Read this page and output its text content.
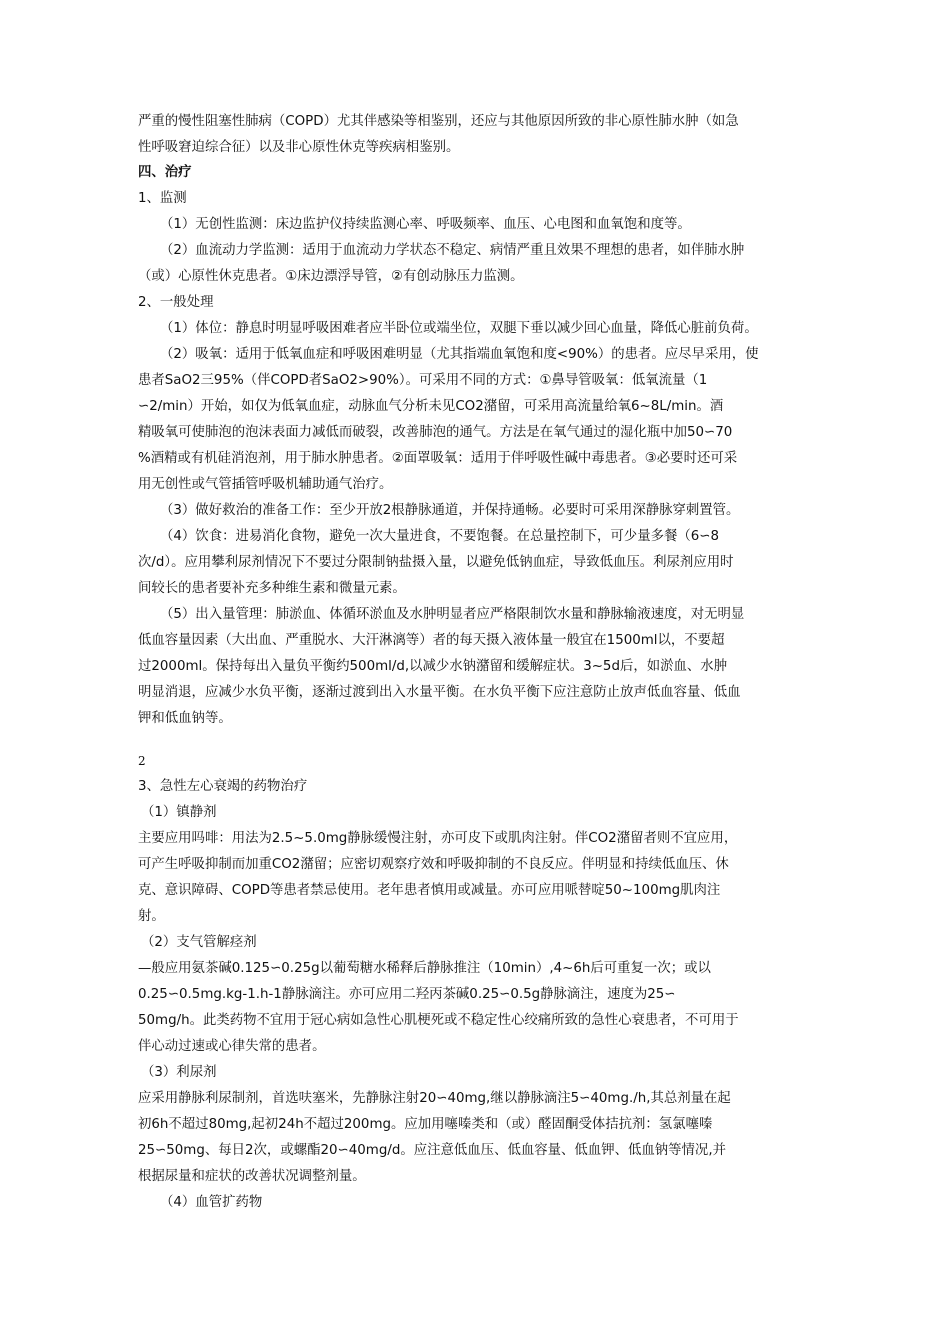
严重的慢性阻塞性肺病（COPD）尤其伴感染等相鉴别，还应与其他原因所致的非心原性肺水肿（如急
性呼吸窘迫综合征）以及非心原性休克等疾病相鉴别。
四、治疗
1、监测
（1）无创性监测：床边监护仪持续监测心率、呼吸频率、血压、心电图和血氧饱和度等。
（2）血流动力学监测：适用于血流动力学状态不稳定、病情严重且效果不理想的患者，如伴肺水肿
（或）心原性休克患者。①床边漂浮导管，②有创动脉压力监测。
2、一般处理
（1）体位：静息时明显呼吸困难者应半卧位或端坐位，双腿下垂以减少回心血量，降低心脏前负荷。
（2）吸氧：适用于低氧血症和呼吸困难明显（尤其指端血氧饱和度<90%）的患者。应尽早采用，使
患者SaO2三95%（伴COPD者SaO2>90%）。可采用不同的方式：①鼻导管吸氧：低氧流量（1
∽2/min）开始，如仅为低氧血症，动脉血气分析未见CO2潴留，可采用高流量给氧6~8L/min。酒
精吸氧可使肺泡的泡沫表面力减低而破裂，改善肺泡的通气。方法是在氧气通过的湿化瓶中加50∽70
%酒精或有机硅消泡剂，用于肺水肿患者。②面罩吸氧：适用于伴呼吸性碱中毒患者。③必要时还可采
用无创性或气管插管呼吸机辅助通气治疗。
（3）做好救治的准备工作：至少开放2根静脉通道，并保持通畅。必要时可采用深静脉穿刺置管。
（4）饮食：进易消化食物，避免一次大量进食，不要饱餐。在总量控制下，可少量多餐（6∽8
次/d）。应用攀利尿剂情况下不要过分限制钠盐摄入量，以避免低钠血症，导致低血压。利尿剂应用时
间较长的患者要补充多种维生素和微量元素。
（5）出入量管理：肺淤血、体循环淤血及水肿明显者应严格限制饮水量和静脉输液速度，对无明显
低血容量因素（大出血、严重脱水、大汗淋漓等）者的每天摄入液体量一般宜在1500ml以，不要超
过2000ml。保持每出入量负平衡约500ml/d,以减少水钠潴留和缓解症状。3~5d后，如淤血、水肿
明显消退，应减少水负平衡，逐渐过渡到出入水量平衡。在水负平衡下应注意防止放声低血容量、低血
钾和低血钠等。
2
3、急性左心衰竭的药物治疗
（1）镇静剂
主要应用吗啡：用法为2.5~5.0mg静脉缓慢注射，亦可皮下或肌肉注射。伴CO2潴留者则不宜应用，
可产生呼吸抑制而加重CO2潴留；应密切观察疗效和呼吸抑制的不良反应。伴明显和持续低血压、休
克、意识障碍、COPD等患者禁忌使用。老年患者慎用或减量。亦可应用哌替啶50~100mg肌肉注
射。
（2）支气管解痉剂
—般应用氨茶碱0.125∽0.25g以葡萄糖水稀释后静脉推注（10min）,4~6h后可重复一次；或以
0.25∽0.5mg.kg-1.h-1静脉滴注。亦可应用二羟丙茶碱0.25∽0.5g静脉滴注，速度为25∽
50mg/h。此类药物不宜用于冠心病如急性心肌梗死或不稳定性心绞痛所致的急性心衰患者，不可用于
伴心动过速或心律失常的患者。
（3）利尿剂
应采用静脉利尿制剂，首选呋塞米，先静脉注射20∽40mg,继以静脉滴注5∽40mg./h,其总剂量在起
初6h不超过80mg,起初24h不超过200mg。应加用噻嗪类和（或）醛固酮受体拮抗剂：氢氯噻嗪
25∽50mg、每日2次，或螺酯20∽40mg/d。应注意低血压、低血容量、低血钾、低血钠等情况,并
根据尿量和症状的改善状况调整剂量。
（4）血管扩药物
